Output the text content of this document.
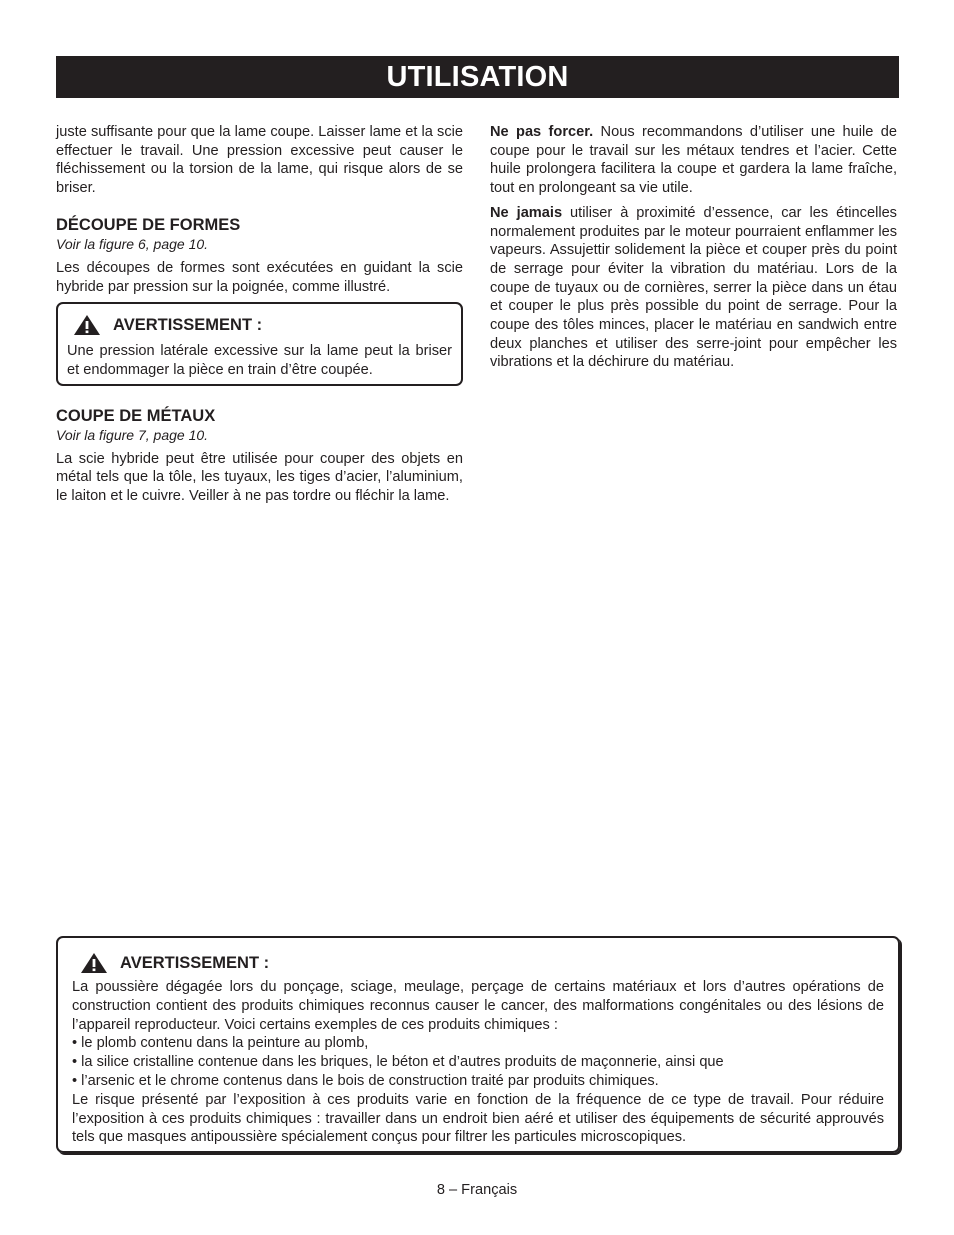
UTILISATION

juste suffisante pour que la lame coupe. Laisser lame et la scie effectuer le travail. Une pression excessive peut causer le fléchissement ou la torsion de la lame, qui risque alors de se briser.

DÉCOUPE DE FORMES
Voir la figure 6, page 10.

Les découpes de formes sont exécutées en guidant la scie hybride par pression sur la poignée, comme illustré.

AVERTISSEMENT :

Une pression latérale excessive sur la lame peut la briser et endommager la pièce en train d’être coupée.

COUPE DE MÉTAUX
Voir la figure 7, page 10.

La scie hybride peut être utilisée pour couper des objets en métal tels que la tôle, les tuyaux, les tiges d’acier, l’aluminium, le laiton et le cuivre. Veiller à ne pas tordre ou fléchir la lame.

Ne pas forcer. Nous recommandons d’utiliser une huile de coupe pour le travail sur les métaux tendres et l’acier. Cette huile prolongera facilitera la coupe et gardera la lame fraîche, tout en prolongeant sa vie utile.

Ne jamais utiliser à proximité d’essence, car les étincelles normalement produites par le moteur pourraient enflammer les vapeurs. Assujettir solidement la pièce et couper près du point de serrage pour éviter la vibration du matériau. Lors de la coupe de tuyaux ou de cornières, serrer la pièce dans un étau et couper le plus près possible du point de serrage. Pour la coupe des tôles minces, placer le matériau en sandwich entre deux planches et utiliser des serre-joint pour empêcher les vibrations et la déchirure du matériau.

AVERTISSEMENT :

La poussière dégagée lors du ponçage, sciage, meulage, perçage de certains matériaux et lors d’autres opérations de construction contient des produits chimiques reconnus causer le cancer, des malformations congénitales ou des lésions de l’appareil reproducteur. Voici certains exemples de ces produits chimiques :

• le plomb contenu dans la peinture au plomb,

• la silice cristalline contenue dans les briques, le béton et d’autres produits de maçonnerie, ainsi que

• l’arsenic et le chrome contenus dans le bois de construction traité par produits chimiques.

Le risque présenté par l’exposition à ces produits varie en fonction de la fréquence de ce type de travail. Pour réduire l’exposition à ces produits chimiques : travailler dans un endroit bien aéré et utiliser des équipements de sécurité approuvés tels que masques antipoussière spécialement conçus pour filtrer les particules microscopiques.

8 – Français
